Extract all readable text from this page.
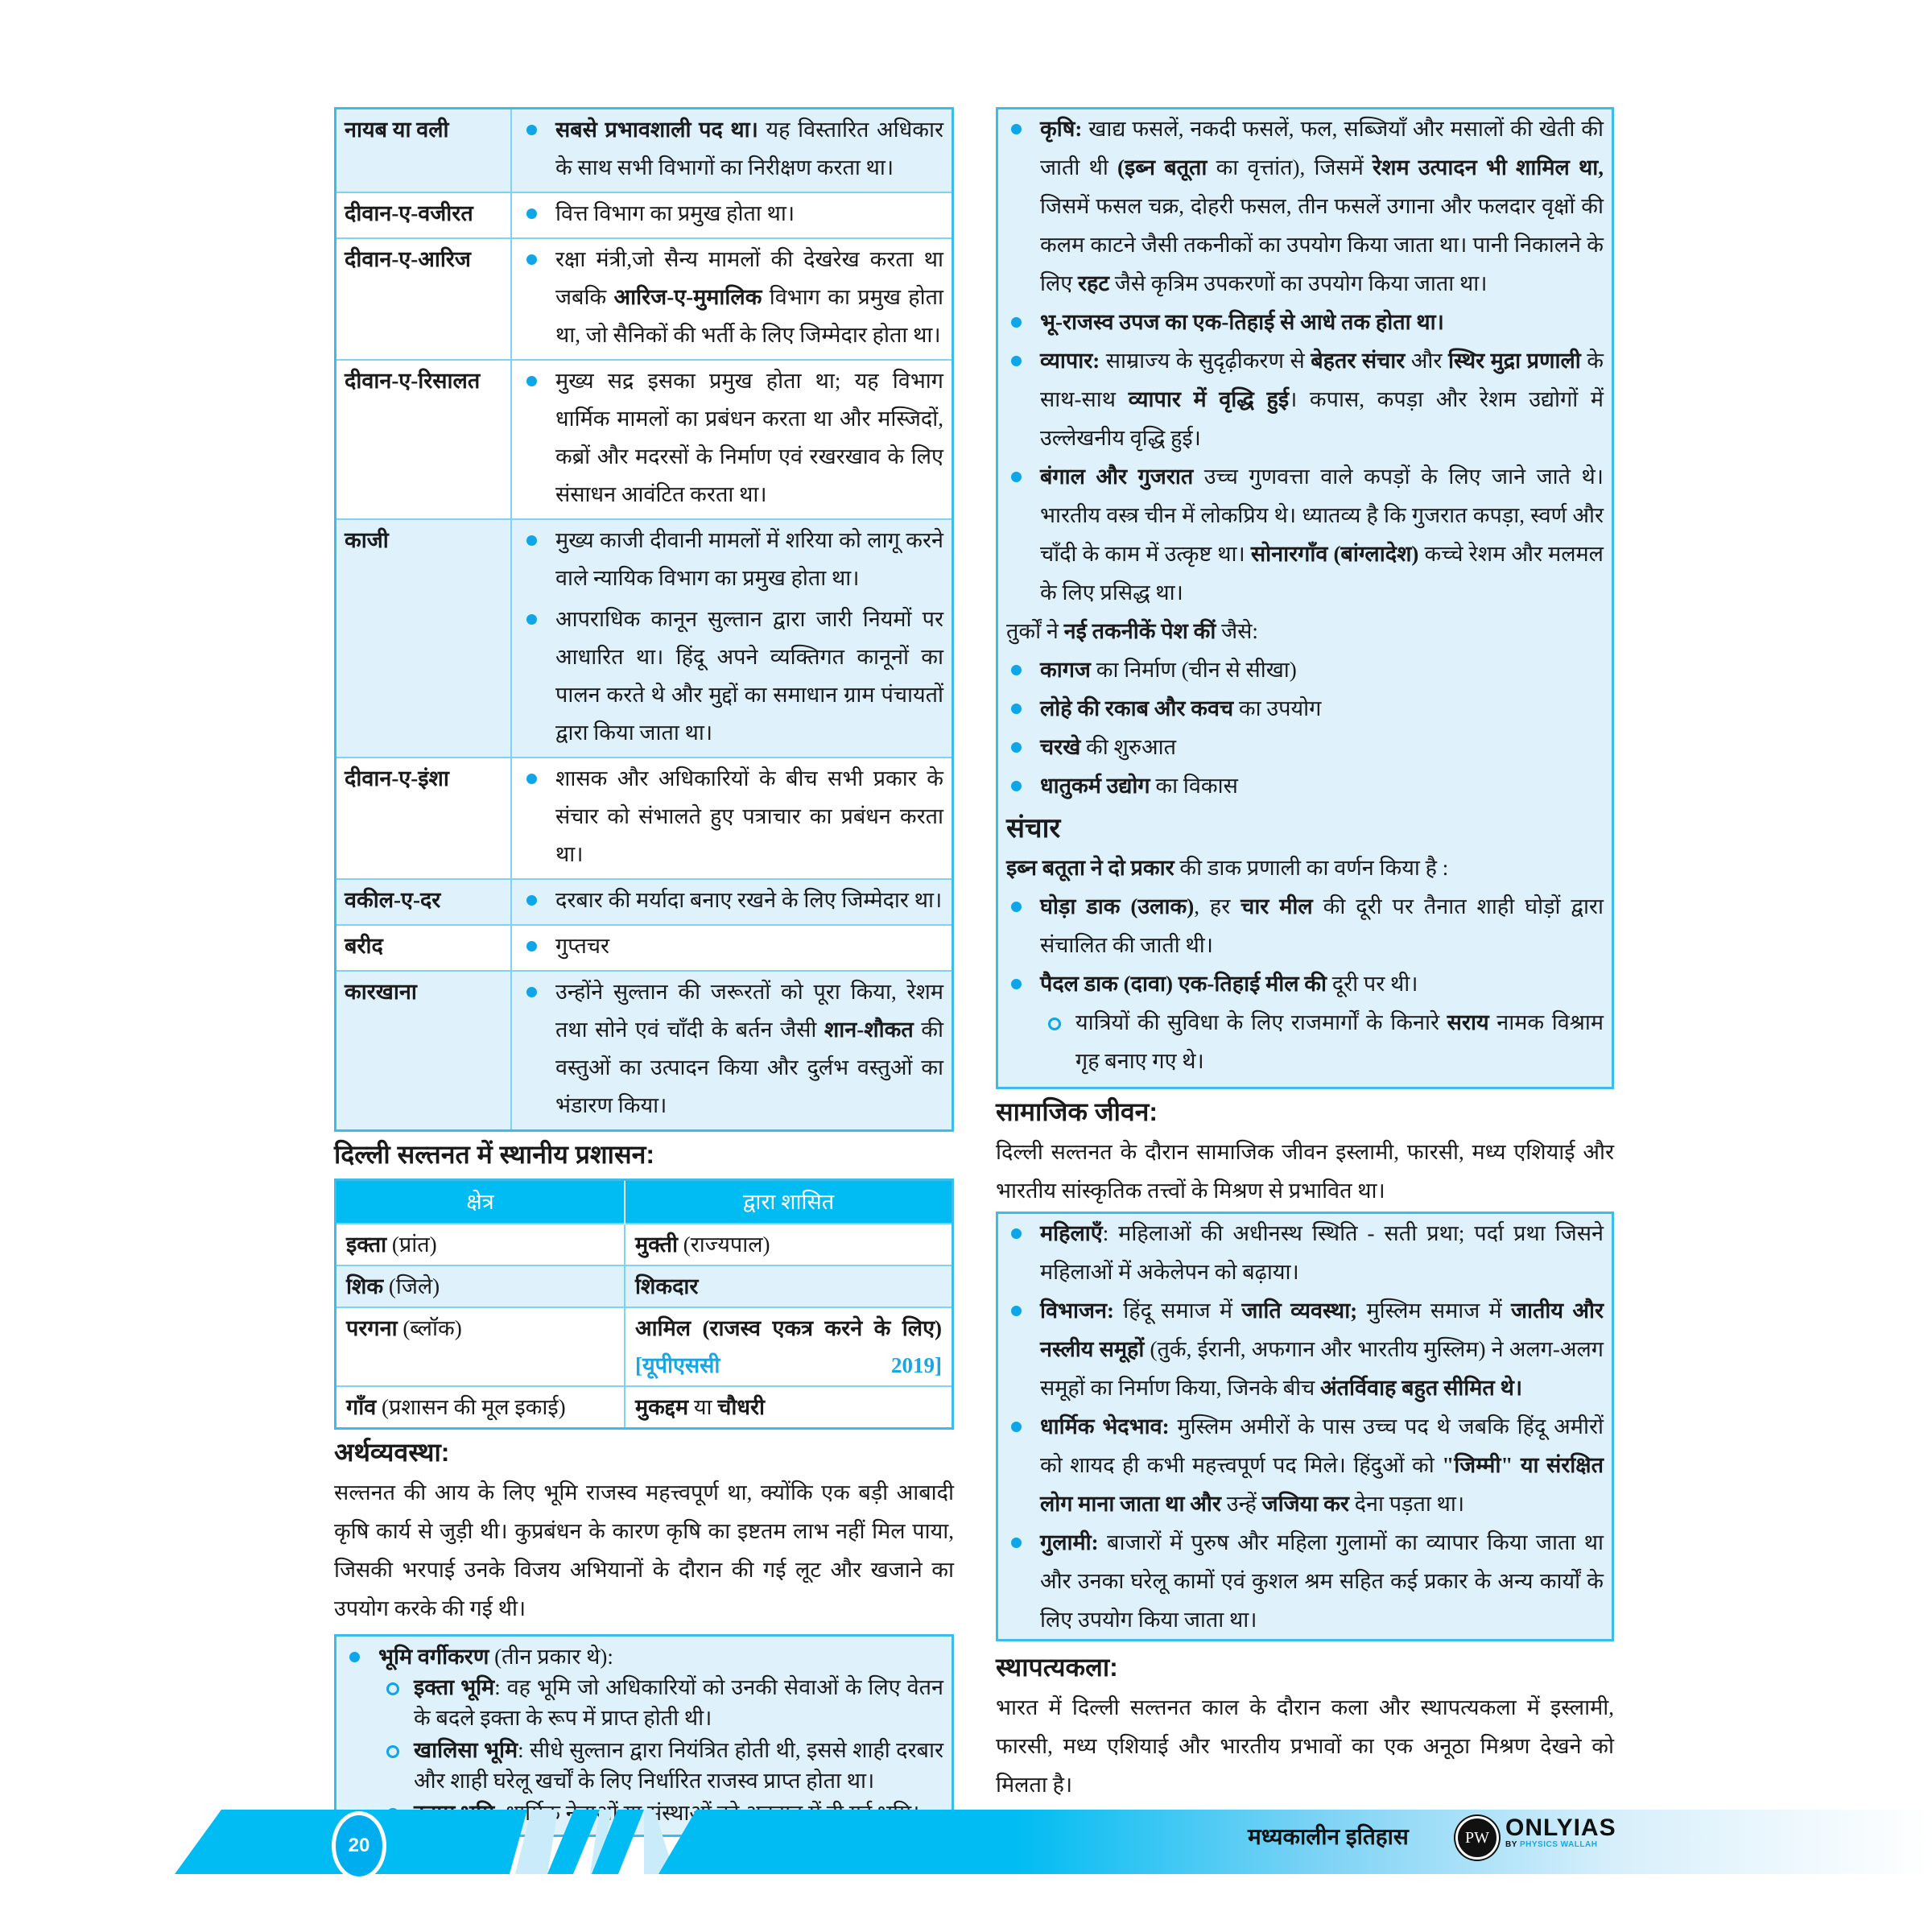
नायब या वली	सबसे प्रभावशाली पद था। यह विस्तारित अधिकार के साथ सभी विभागों का निरीक्षण करता था।

दीवान-ए-वजीरत	वित्त विभाग का प्रमुख होता था।

दीवान-ए-आरिज	रक्षा मंत्री,जो सैन्य मामलों की देखरेख करता था जबकि आरिज-ए-मुमालिक विभाग का प्रमुख होता था, जो सैनिकों की भर्ती के लिए जिम्मेदार होता था।

दीवान-ए-रिसालत	मुख्य सद्र इसका प्रमुख होता था; यह विभाग धार्मिक मामलों का प्रबंधन करता था और मस्जिदों, कब्रों और मदरसों के निर्माण एवं रखरखाव के लिए संसाधन आवंटित करता था।

काजी	मुख्य काजी दीवानी मामलों में शरिया को लागू करने वाले न्यायिक विभाग का प्रमुख होता था।

आपराधिक कानून सुल्तान द्वारा जारी नियमों पर आधारित था। हिंदू अपने व्यक्तिगत कानूनों का पालन करते थे और मुद्दों का समाधान ग्राम पंचायतों द्वारा किया जाता था।

दीवान-ए-इंशा	शासक और अधिकारियों के बीच सभी प्रकार के संचार को संभालते हुए पत्राचार का प्रबंधन करता था।

वकील-ए-दर	दरबार की मर्यादा बनाए रखने के लिए जिम्मेदार था।

बरीद	गुप्तचर

कारखाना	उन्होंने सुल्तान की जरूरतों को पूरा किया, रेशम तथा सोने एवं चाँदी के बर्तन जैसी शान-शौकत की वस्तुओं का उत्पादन किया और दुर्लभ वस्तुओं का भंडारण किया।

दिल्ली सल्तनत में स्थानीय प्रशासन:
क्षेत्र	द्वारा शासित
इक्ता (प्रांत)	मुक्ती (राज्यपाल)
शिक (जिले)	शिकदार
परगना (ब्लॉक)	आमिल (राजस्व एकत्र करने के लिए) [यूपीएससी 2019]
गाँव (प्रशासन की मूल इकाई)	मुकद्दम या चौधरी
अर्थव्यवस्था:

सल्तनत की आय के लिए भूमि राजस्व महत्त्वपूर्ण था, क्योंकि एक बड़ी आबादी कृषि कार्य से जुड़ी थी। कुप्रबंधन के कारण कृषि का इष्टतम लाभ नहीं मिल पाया, जिसकी भरपाई उनके विजय अभियानों के दौरान की गई लूट और खजाने का उपयोग करके की गई थी।

भूमि वर्गीकरण (तीन प्रकार थे):
इक्ता भूमि: वह भूमि जो अधिकारियों को उनकी सेवाओं के लिए वेतन के बदले इक्ता के रूप में प्राप्त होती थी।
खालिसा भूमि: सीधे सुल्तान द्वारा नियंत्रित होती थी, इससे शाही दरबार और शाही घरेलू खर्चों के लिए निर्धारित राजस्व प्राप्त होता था।
संस्थाओं
कृषि: खाद्य फसलें, नकदी फसलें, फल, सब्जियाँ और मसालों की खेती की जाती थी (इब्न बतूता का वृत्तांत), जिसमें रेशम उत्पादन भी शामिल था, जिसमें फसल चक्र, दोहरी फसल, तीन फसलें उगाना और फलदार वृक्षों की कलम काटने जैसी तकनीकों का उपयोग किया जाता था। पानी निकालने के लिए रहट जैसे कृत्रिम उपकरणों का उपयोग किया जाता था।
भू-राजस्व उपज का एक-तिहाई से आधे तक होता था।
व्यापार: साम्राज्य के सुदृढ़ीकरण से बेहतर संचार और स्थिर मुद्रा प्रणाली के साथ-साथ व्यापार में वृद्धि हुई। कपास, कपड़ा और रेशम उद्योगों में उल्लेखनीय वृद्धि हुई।
बंगाल और गुजरात उच्च गुणवत्ता वाले कपड़ों के लिए जाने जाते थे। भारतीय वस्त्र चीन में लोकप्रिय थे। ध्यातव्य है कि गुजरात कपड़ा, स्वर्ण और चाँदी के काम में उत्कृष्ट था। सोनारगाँव (बांग्लादेश) कच्चे रेशम और मलमल के लिए प्रसिद्ध था।
तुर्कों ने नई तकनीकें पेश कीं जैसे:
कागज का निर्माण (चीन से सीखा)
लोहे की रकाब और कवच का उपयोग
चरखे की शुरुआत
धातुकर्म उद्योग का विकास
संचार
इब्न बतूता ने दो प्रकार की डाक प्रणाली का वर्णन किया है :
घोड़ा डाक (उलाक), हर चार मील की दूरी पर तैनात शाही घोड़ों द्वारा संचालित की जाती थी।
पैदल डाक (दावा) एक-तिहाई मील की दूरी पर थी।
यात्रियों की सुविधा के लिए राजमार्गों के किनारे सराय नामक विश्राम गृह बनाए गए थे।
सामाजिक जीवन:

दिल्ली सल्तनत के दौरान सामाजिक जीवन इस्लामी, फारसी, मध्य एशियाई और भारतीय सांस्कृतिक तत्त्वों के मिश्रण से प्रभावित था।

महिलाएँ: महिलाओं की अधीनस्थ स्थिति - सती प्रथा; पर्दा प्रथा जिसने महिलाओं में अकेलेपन को बढ़ाया।
विभाजन: हिंदू समाज में जाति व्यवस्था; मुस्लिम समाज में जातीय और नस्लीय समूहों (तुर्क, ईरानी, अफगान और भारतीय मुस्लिम) ने अलग-अलग समूहों का निर्माण किया, जिनके बीच अंतर्विवाह बहुत सीमित थे।
धार्मिक भेदभाव: मुस्लिम अमीरों के पास उच्च पद थे जबकि हिंदू अमीरों को शायद ही कभी महत्त्वपूर्ण पद मिले। हिंदुओं को "जिम्मी" या संरक्षित लोग माना जाता था और उन्हें जजिया कर देना पड़ता था।
गुलामी: बाजारों में पुरुष और महिला गुलामों का व्यापार किया जाता था और उनका घरेलू कामों एवं कुशल श्रम सहित कई प्रकार के अन्य कार्यों के लिए उपयोग किया जाता था।
स्थापत्यकला:

भारत में दिल्ली सल्तनत काल के दौरान कला और स्थापत्यकला में इस्लामी, फारसी, मध्य एशियाई और भारतीय प्रभावों का एक अनूठा मिश्रण देखने को मिलता है।

20	मध्यकालीन इतिहास	PW ONLYIAS
BY PHYSICS WALLAH
